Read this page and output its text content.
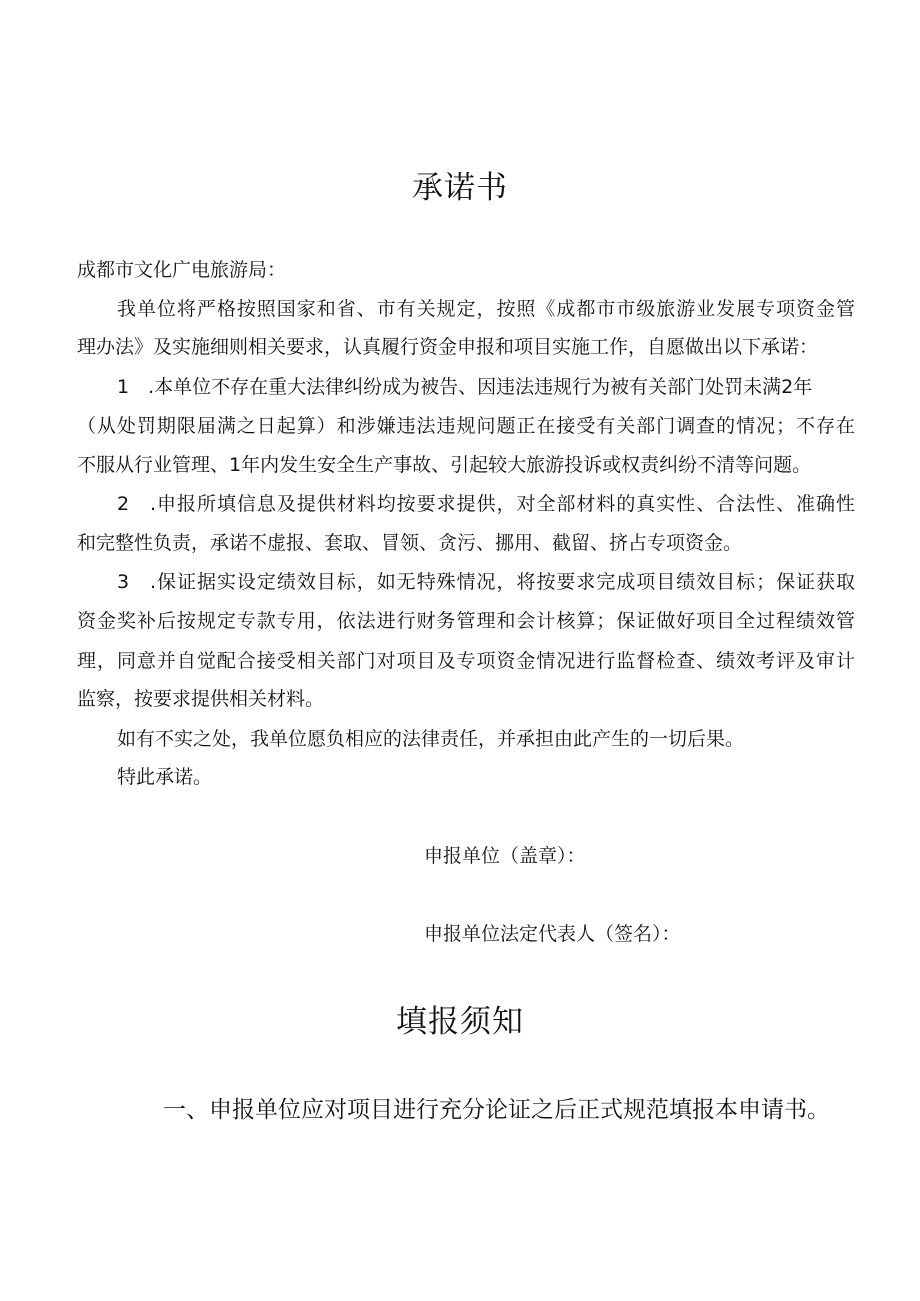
承诺书
成都市文化广电旅游局：
我单位将严格按照国家和省、市有关规定，按照《成都市市级旅游业发展专项资金管
理办法》及实施细则相关要求，认真履行资金申报和项目实施工作，自愿做出以下承诺：
1　.本单位不存在重大法律纠纷成为被告、因违法违规行为被有关部门处罚未满2年
（从处罚期限届满之日起算）和涉嫌违法违规问题正在接受有关部门调查的情况；不存在
不服从行业管理、1年内发生安全生产事故、引起较大旅游投诉或权责纠纷不清等问题。
2　.申报所填信息及提供材料均按要求提供，对全部材料的真实性、合法性、准确性
和完整性负责，承诺不虚报、套取、冒领、贪污、挪用、截留、挤占专项资金。
3　.保证据实设定绩效目标，如无特殊情况，将按要求完成项目绩效目标；保证获取
资金奖补后按规定专款专用，依法进行财务管理和会计核算；保证做好项目全过程绩效管
理，同意并自觉配合接受相关部门对项目及专项资金情况进行监督检查、绩效考评及审计
监察，按要求提供相关材料。
如有不实之处，我单位愿负相应的法律责任，并承担由此产生的一切后果。
特此承诺。
申报单位（盖章）：
申报单位法定代表人（签名）：
填报须知
一、申报单位应对项目进行充分论证之后正式规范填报本申请书。
